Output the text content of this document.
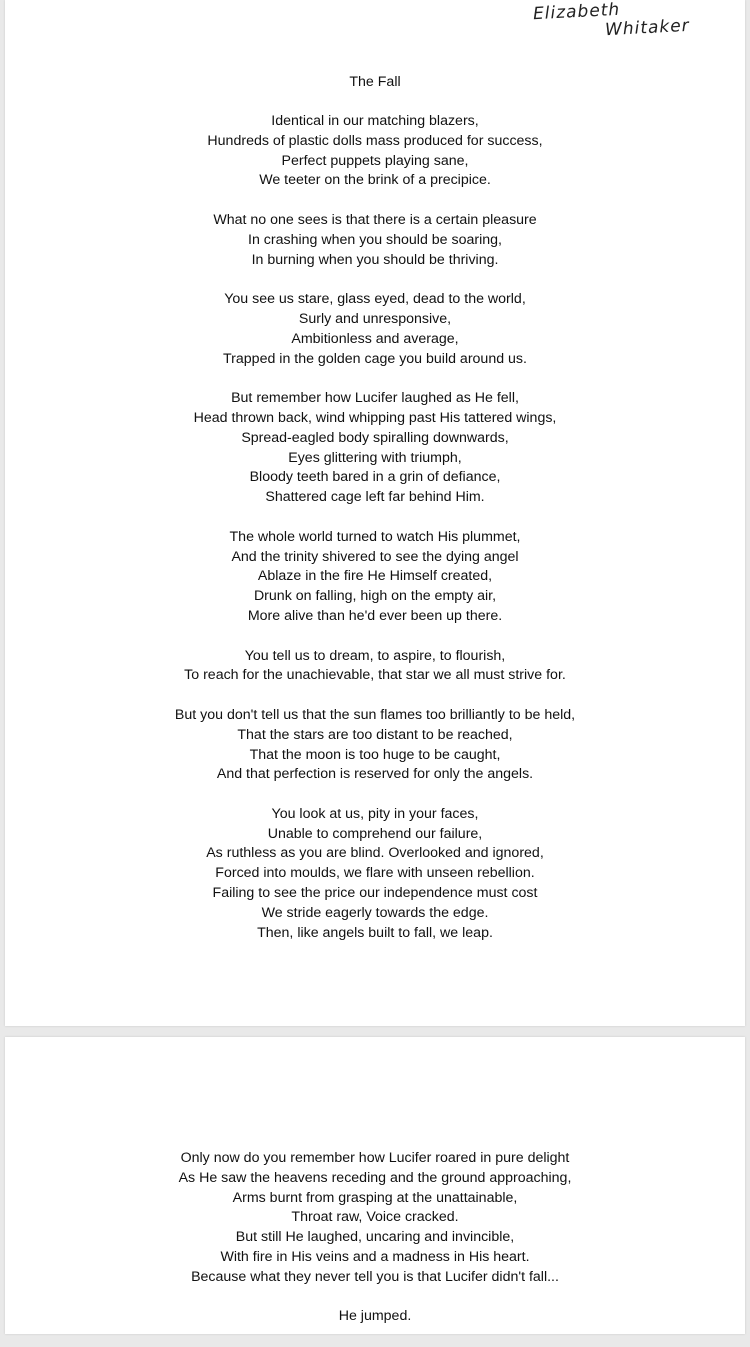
Elizabeth
Whitaker
The Fall
Identical in our matching blazers,
Hundreds of plastic dolls mass produced for success,
Perfect puppets playing sane,
We teeter on the brink of a precipice.
What no one sees is that there is a certain pleasure
In crashing when you should be soaring,
In burning when you should be thriving.
You see us stare, glass eyed, dead to the world,
Surly and unresponsive,
Ambitionless and average,
Trapped in the golden cage you build around us.
But remember how Lucifer laughed as He fell,
Head thrown back, wind whipping past His tattered wings,
Spread-eagled body spiralling downwards,
Eyes glittering with triumph,
Bloody teeth bared in a grin of defiance,
Shattered cage left far behind Him.
The whole world turned to watch His plummet,
And the trinity shivered to see the dying angel
Ablaze in the fire He Himself created,
Drunk on falling, high on the empty air,
More alive than he'd ever been up there.
You tell us to dream, to aspire, to flourish,
To reach for the unachievable, that star we all must strive for.
But you don't tell us that the sun flames too brilliantly to be held,
That the stars are too distant to be reached,
That the moon is too huge to be caught,
And that perfection is reserved for only the angels.
You look at us, pity in your faces,
Unable to comprehend our failure,
As ruthless as you are blind. Overlooked and ignored,
Forced into moulds, we flare with unseen rebellion.
Failing to see the price our independence must cost
We stride eagerly towards the edge.
Then, like angels built to fall, we leap.
Only now do you remember how Lucifer roared in pure delight
As He saw the heavens receding and the ground approaching,
Arms burnt from grasping at the unattainable,
Throat raw, Voice cracked.
But still He laughed, uncaring and invincible,
With fire in His veins and a madness in His heart.
Because what they never tell you is that Lucifer didn't fall...
He jumped.
